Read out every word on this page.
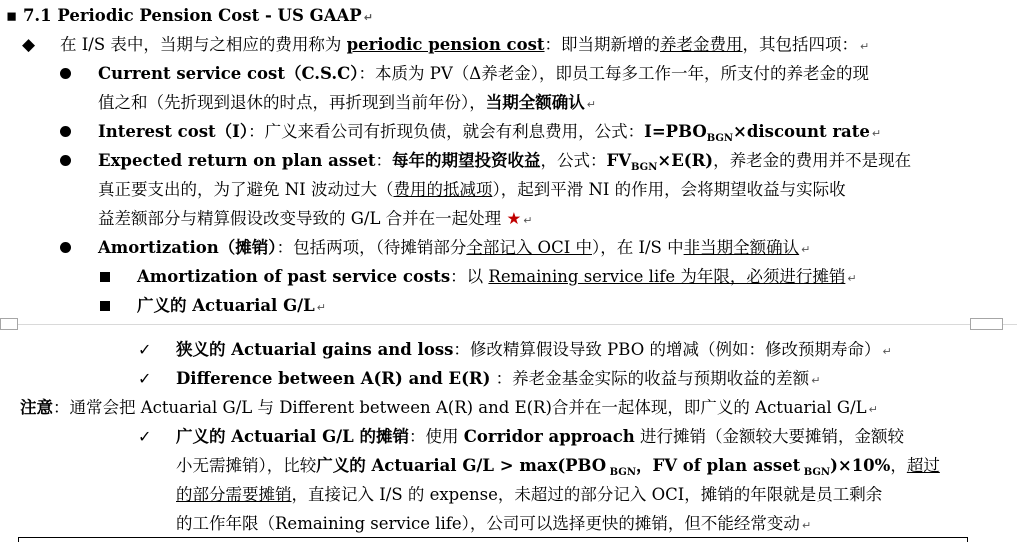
▪ 7.1 Periodic Pension Cost - US GAAP ↵
◆ 在 I/S 表中，当期与之相应的费用称为 periodic pension cost：即当期新增的养老金费用，其包括四项： ↵
Current service cost（C.S.C）：本质为 PV（Δ养老金），即员工每多工作一年，所支付的养老金的现
值之和（先折现到退休的时点，再折现到当前年份），当期全额确认 ↵
Interest cost（I）：广义来看公司有折现负债，就会有利息费用，公式：$I=PBO_{BGN}\times discount$ rate ↵
Expected return on plan asset：每年的期望投资收益，公式：$FV_{BGN}\times E(R)$，养老金的费用并不是现在
真正要支出的，为了避免 NI 波动过大（费用的抵减项），起到平滑 NI 的作用，会将期望收益与实际收
益差额部分与精算假设改变导致的 G/L 合并在一起处理 ★ ↵
Amortization（摊销）：包括两项，（待摊销部分全部记入 OCI 中），在 I/S 中非当期全额确认 ↵
Amortization of past service costs：以 Remaining service life 为年限，必须进行摊销 ↵
广义的 Actuarial G/L ↵
✓ 狭义的 Actuarial gains and loss：修改精算假设导致 PBO 的增减（例如：修改预期寿命） ↵
✓ Difference between A(R) and E(R) ：养老金基金实际的收益与预期收益的差额 ↵
注意：通常会把 Actuarial G/L 与 Different between A(R) and E(R)合并在一起体现，即广义的 Actuarial G/L ↵
✓ 广义的 Actuarial G/L 的摊销：使用 Corridor approach 进行摊销（金额较大要摊销，金额较
小无需摊销），比较广义的 Actuarial G/L > max(PBO $_{BGN}$，FV of plan asset $_{BGN}$)×10%，超过
的部分需要摊销，直接记入 I/S 的 expense，未超过的部分记入 OCI，摊销的年限就是员工剩余
的工作年限（Remaining service life），公司可以选择更快的摊销，但不能经常变动 ↵
